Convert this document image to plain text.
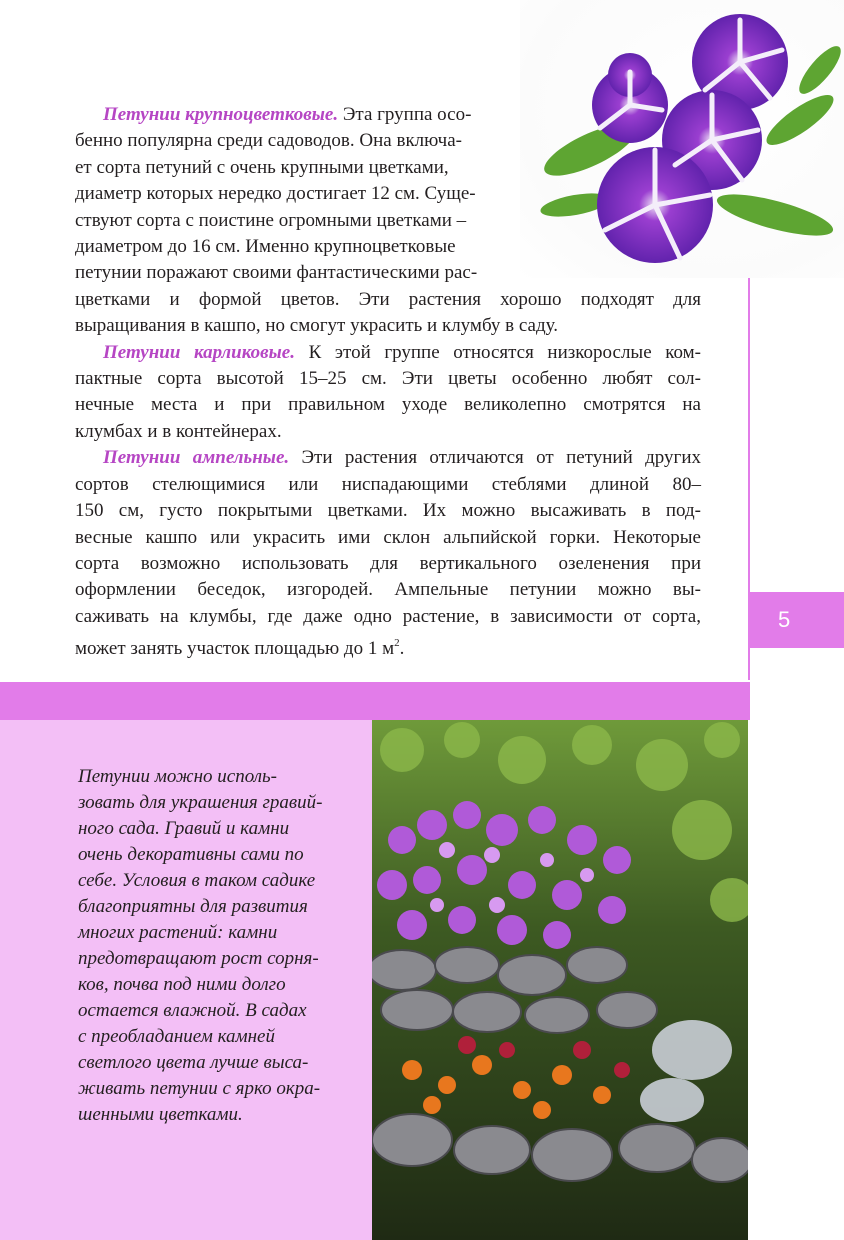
5

Петунии крупноцветковые. Эта группа осо-

бенно популярна среди садоводов. Она включа-
ет сорта петуний с очень крупными цветками,
диаметр которых нередко достигает 12 см. Суще-
ствуют сорта с поистине огромными цветками –
диаметром до 16 см. Именно крупноцветковые
петунии поражают своими фантастическими рас-
цветками и формой цветов. Эти растения хорошо подходят для
выращивания в кашпо, но смогут украсить и клумбу в саду.
Петунии карликовые. К этой группе относятся низкорослые ком-
пактные сорта высотой 15–25 см. Эти цветы особенно любят сол-
нечные места и при правильном уходе великолепно смотрятся на
клумбах и в контейнерах.
Петунии ампельные. Эти растения отличаются от петуний других
сортов стелющимися или ниспадающими стеблями длиной 80–
150 см, густо покрытыми цветками. Их можно высаживать в под-
весные кашпо или украсить ими склон альпийской горки. Некоторые
сорта возможно использовать для вертикального озеленения при
оформлении беседок, изгородей. Ампельные петунии можно вы-
саживать на клумбы, где даже одно растение, в зависимости от сорта,
может занять участок площадью до 1 $м^2$.
Петунии можно исполь-
зовать для украшения гравий-
ного сада. Гравий и камни
очень декоративны сами по
себе. Условия в таком садике
благоприятны для развития
многих растений: камни
предотвращают рост сорня-
ков, почва под ними долго
остается влажной. В садах
с преобладанием камней
светлого цвета лучше выса-
живать петунии с ярко окра-
шенными цветками.
